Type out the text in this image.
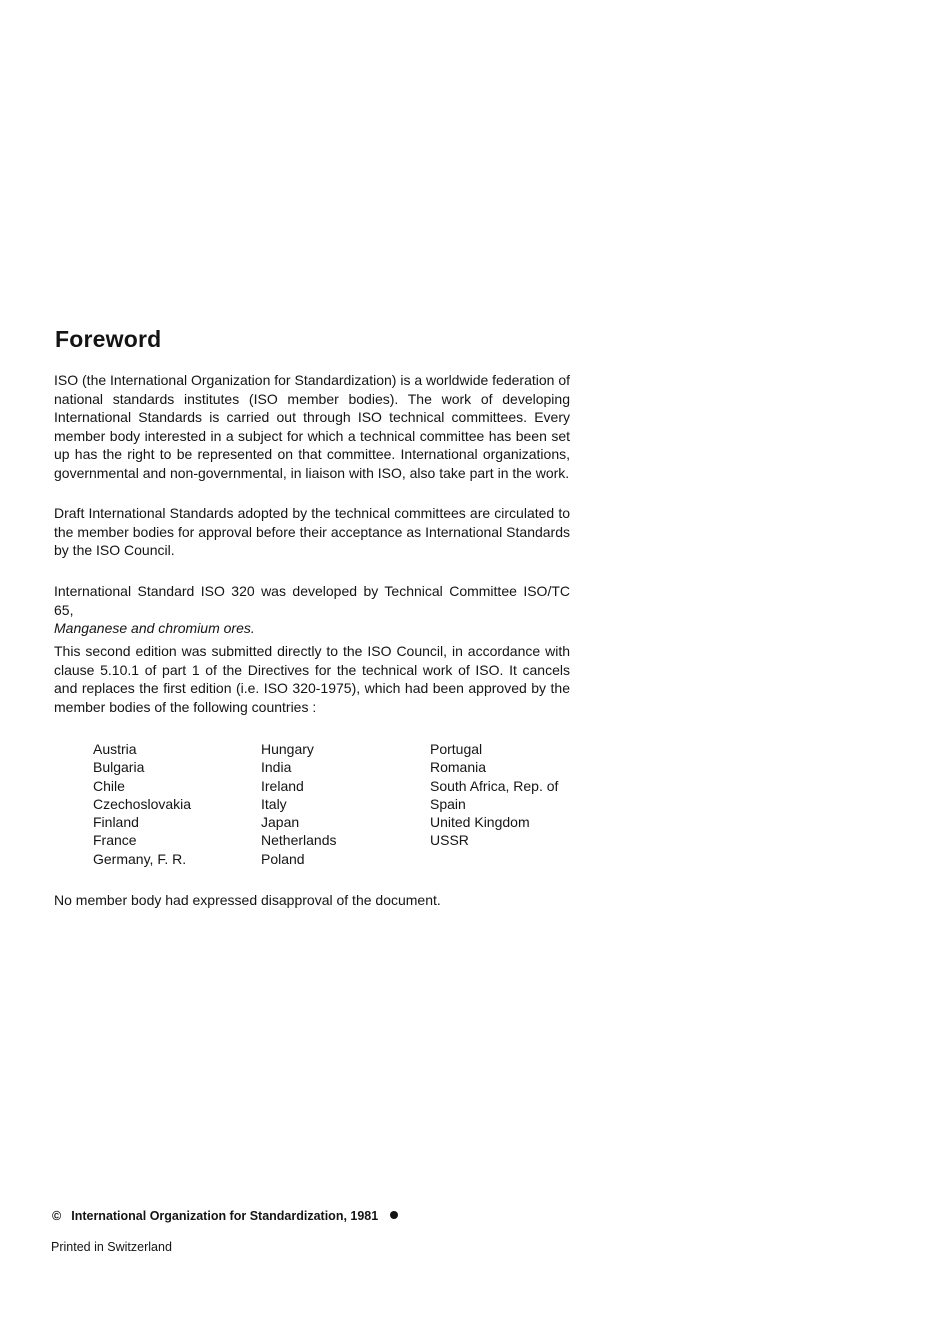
Foreword

ISO (the International Organization for Standardization) is a worldwide federation of national standards institutes (ISO member bodies). The work of developing International Standards is carried out through ISO technical committees. Every member body interested in a subject for which a technical committee has been set up has the right to be represented on that committee. International organizations, governmental and non-governmental, in liaison with ISO, also take part in the work.

Draft International Standards adopted by the technical committees are circulated to the member bodies for approval before their acceptance as International Standards by the ISO Council.

International Standard ISO 320 was developed by Technical Committee ISO/TC 65,
Manganese and chromium ores.

This second edition was submitted directly to the ISO Council, in accordance with clause 5.10.1 of part 1 of the Directives for the technical work of ISO. It cancels and replaces the first edition (i.e. ISO 320-1975), which had been approved by the member bodies of the following countries :

Austria
Bulgaria
Chile
Czechoslovakia
Finland
France
Germany, F. R.
Hungary
India
Ireland
Italy
Japan
Netherlands
Poland
Portugal
Romania
South Africa, Rep. of
Spain
United Kingdom
USSR

No member body had expressed disapproval of the document.

© International Organization for Standardization, 1981
Printed in Switzerland
